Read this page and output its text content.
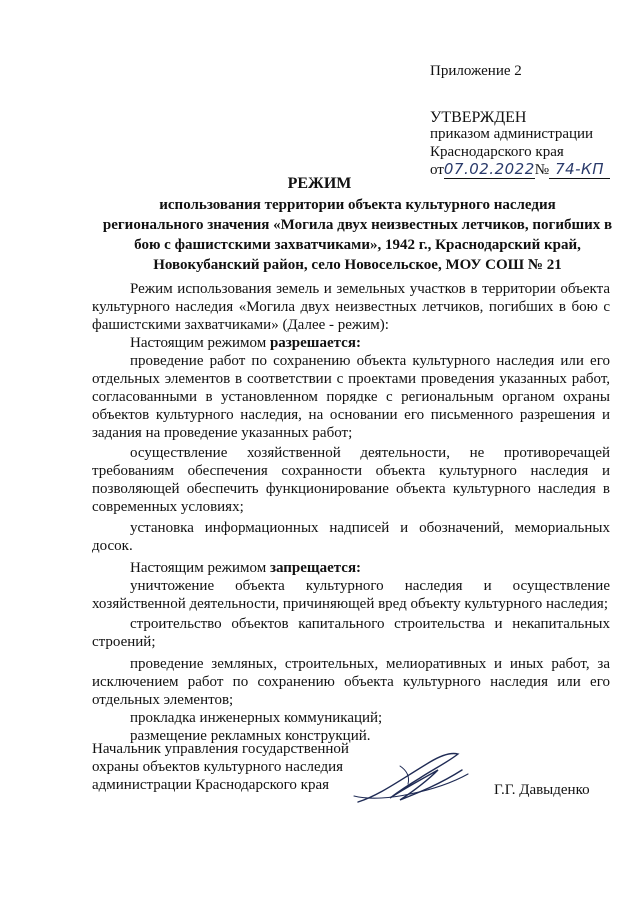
Приложение 2
УТВЕРЖДЕН
приказом администрации
Краснодарского края
от07.02.2022№ 74-КП
РЕЖИМ
использования территории объекта культурного наследия
регионального значения «Могила двух неизвестных летчиков, погибших в
бою с фашистскими захватчиками», 1942 г., Краснодарский край,
Новокубанский район, село Новосельское, МОУ СОШ № 21

Режим использования земель и земельных участков в территории объекта культурного наследия «Могила двух неизвестных летчиков, погибших в бою с фашистскими захватчиками» (Далее - режим):

Настоящим режимом разрешается:

проведение работ по сохранению объекта культурного наследия или его отдельных элементов в соответствии с проектами проведения указанных работ, согласованными в установленном порядке с региональным органом охраны объектов культурного наследия, на основании его письменного разрешения и задания на проведение указанных работ;

осуществление хозяйственной деятельности, не противоречащей требованиям обеспечения сохранности объекта культурного наследия и позволяющей обеспечить функционирование объекта культурного наследия в современных условиях;

установка информационных надписей и обозначений, мемориальных досок.

Настоящим режимом запрещается:

уничтожение объекта культурного наследия и осуществление хозяйственной деятельности, причиняющей вред объекту культурного наследия;

строительство объектов капитального строительства и некапитальных строений;

проведение земляных, строительных, мелиоративных и иных работ, за исключением работ по сохранению объекта культурного наследия или его отдельных элементов;

прокладка инженерных коммуникаций;

размещение рекламных конструкций.

Начальник управления государственной
охраны объектов культурного наследия
администрации Краснодарского края	Г.Г. Давыденко
